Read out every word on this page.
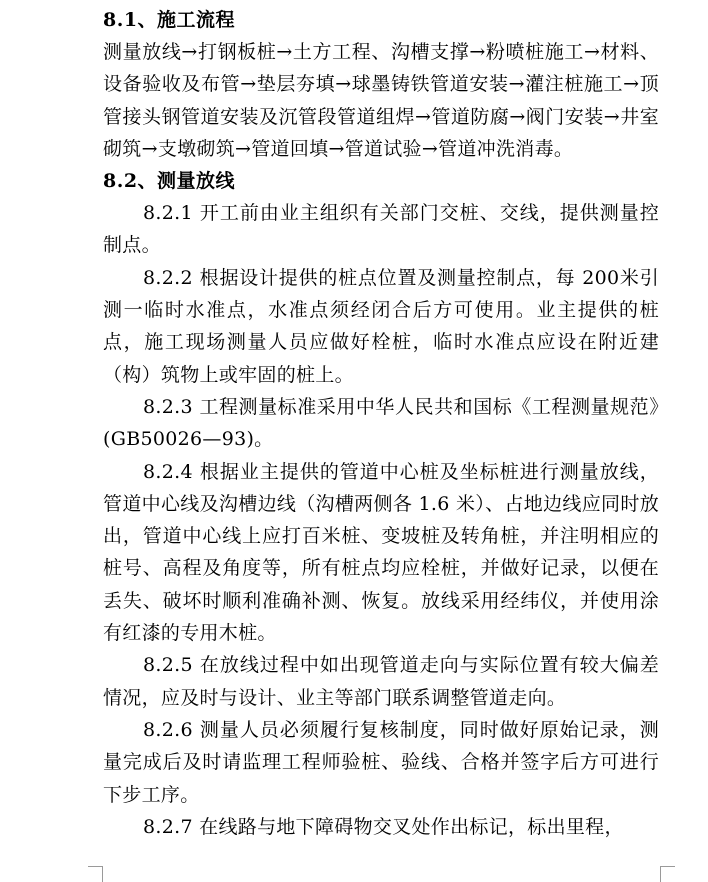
8.1、施工流程
测量放线→打钢板桩→土方工程、沟槽支撑→粉喷桩施工→材料、设备验收及布管→垫层夯填→球墨铸铁管道安装→灌注桩施工→顶管接头钢管道安装及沉管段管道组焊→管道防腐→阀门安装→井室砌筑→支墩砌筑→管道回填→管道试验→管道冲洗消毒。
8.2、测量放线
8.2.1 开工前由业主组织有关部门交桩、交线，提供测量控制点。
8.2.2 根据设计提供的桩点位置及测量控制点，每 200米引测一临时水准点，水准点须经闭合后方可使用。业主提供的桩点，施工现场测量人员应做好栓桩，临时水准点应设在附近建（构）筑物上或牢固的桩上。
8.2.3 工程测量标准采用中华人民共和国标《工程测量规范》(GB50026—93)。
8.2.4 根据业主提供的管道中心桩及坐标桩进行测量放线，管道中心线及沟槽边线（沟槽两侧各 1.6 米）、占地边线应同时放出，管道中心线上应打百米桩、变坡桩及转角桩，并注明相应的桩号、高程及角度等，所有桩点均应栓桩，并做好记录，以便在丢失、破坏时顺利准确补测、恢复。放线采用经纬仪，并使用涂有红漆的专用木桩。
8.2.5 在放线过程中如出现管道走向与实际位置有较大偏差情况，应及时与设计、业主等部门联系调整管道走向。
8.2.6 测量人员必须履行复核制度，同时做好原始记录，测量完成后及时请监理工程师验桩、验线、合格并签字后方可进行下步工序。
8.2.7 在线路与地下障碍物交叉处作出标记，标出里程，
